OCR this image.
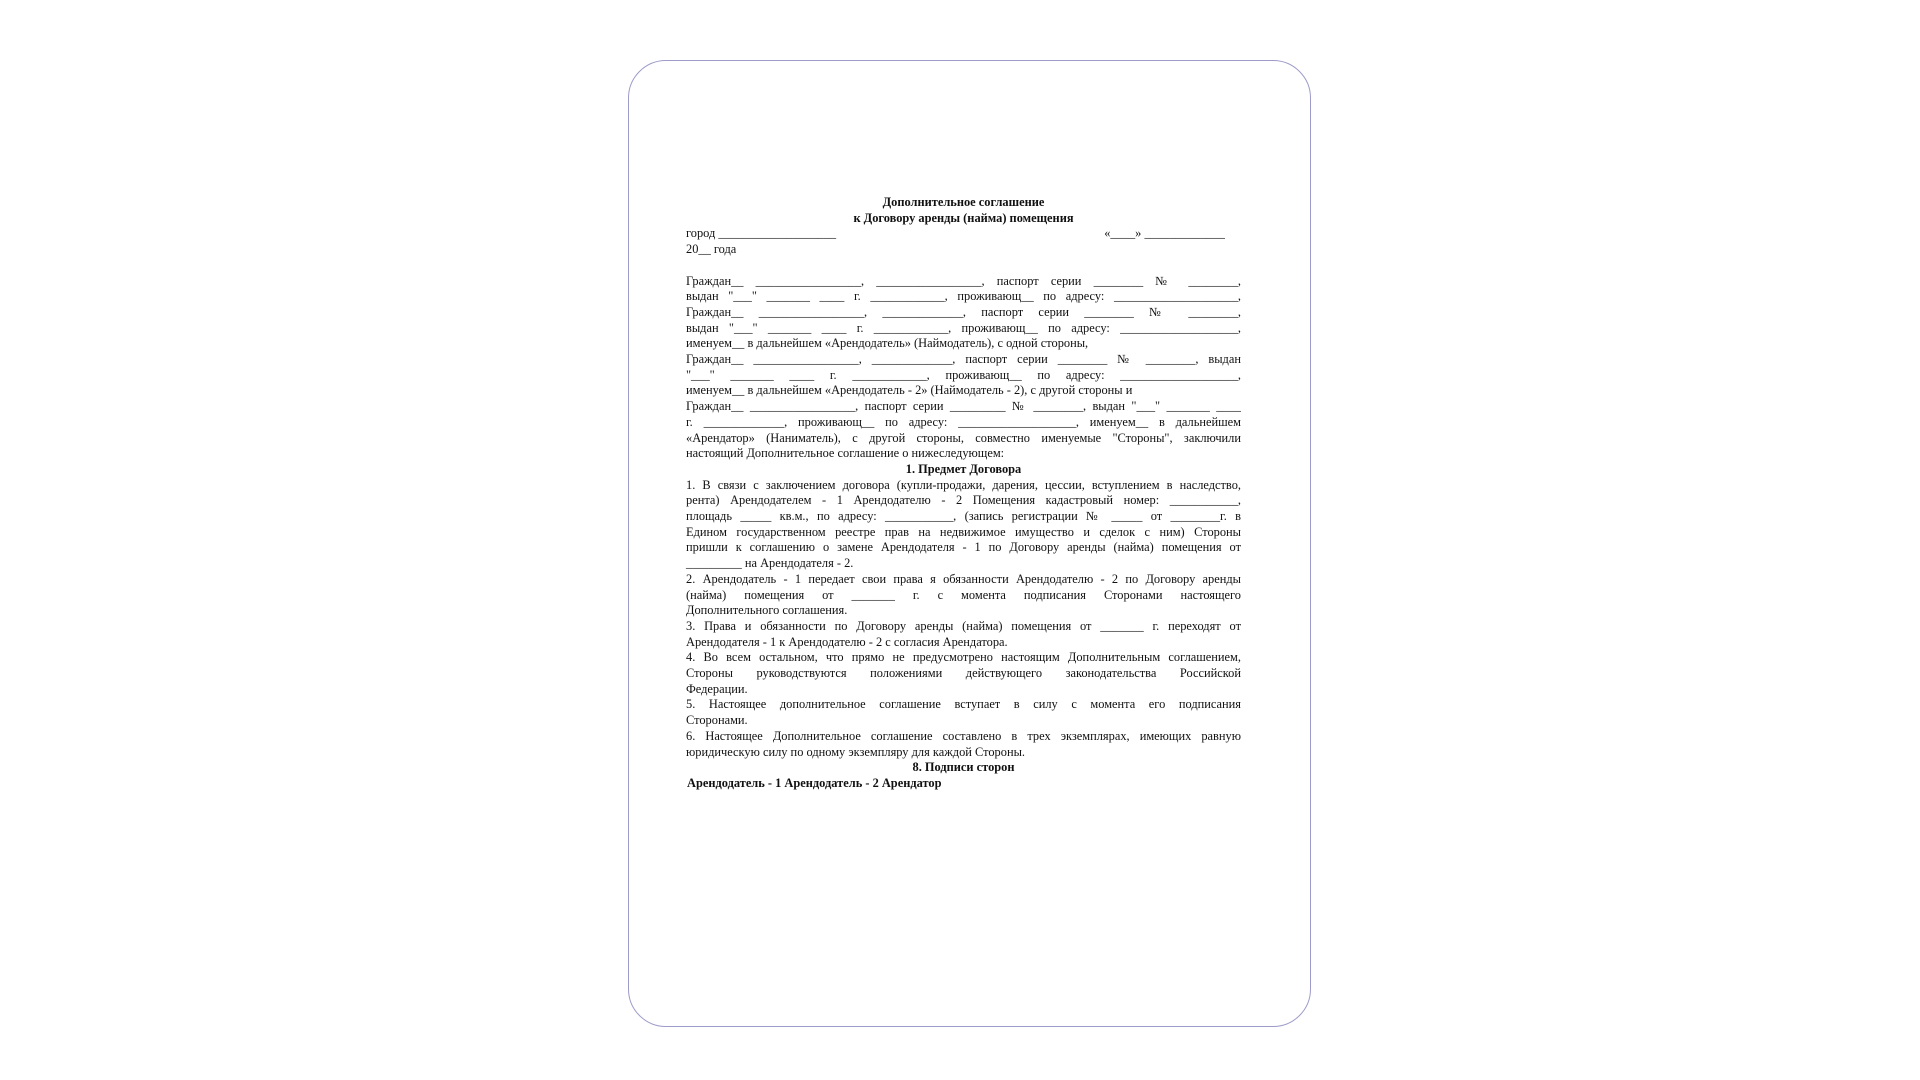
Дополнительное соглашение
к Договору аренды (найма) помещения
город ___________________	«____» _____________
20__ года
Граждан__ _________________, _________________, паспорт серии ________ № ________,
выдан "___" _______ ____ г. ____________, проживающ__ по адресу: ____________________,
Граждан__ _________________, _____________, паспорт серии ________ № ________,
выдан "___" _______ ____ г. ____________, проживающ__ по адресу: ___________________,
именуем__ в дальнейшем «Арендодатель» (Наймодатель), с одной стороны,
Граждан__ _________________, _____________, паспорт серии ________ № ________, выдан
"___" _______ ____ г. ____________, проживающ__ по адресу: ___________________,
именуем__ в дальнейшем «Арендодатель - 2» (Наймодатель - 2), с другой стороны и
Граждан__ _________________, паспорт серии _________ № ________, выдан "___" _______ ____
г. _____________, проживающ__ по адресу: ___________________, именуем__ в дальнейшем
«Арендатор» (Наниматель), с другой стороны, совместно именуемые "Стороны", заключили
настоящий Дополнительное соглашение о нижеследующем:
1. Предмет Договора
1. В связи с заключением договора (купли-продажи, дарения, цессии, вступлением в наследство,
рента) Арендодателем - 1 Арендодателю - 2 Помещения кадастровый номер: ___________,
площадь _____ кв.м., по адресу: ___________, (запись регистрации № _____ от ________г. в
Едином государственном реестре прав на недвижимое имущество и сделок с ним) Стороны
пришли к соглашению о замене Арендодателя - 1 по Договору аренды (найма) помещения от
_________ на Арендодателя - 2.
2. Арендодатель - 1 передает свои права я обязанности Арендодателю - 2 по Договору аренды
(найма) помещения от _______ г. с момента подписания Сторонами настоящего
Дополнительного соглашения.
3. Права и обязанности по Договору аренды (найма) помещения от _______ г. переходят от
Арендодателя - 1 к Арендодателю - 2 с согласия Арендатора.
4. Во всем остальном, что прямо не предусмотрено настоящим Дополнительным соглашением,
Стороны руководствуются положениями действующего законодательства Российской
Федерации.
5. Настоящее дополнительное соглашение вступает в силу с момента его подписания
Сторонами.
6. Настоящее Дополнительное соглашение составлено в трех экземплярах, имеющих равную
юридическую силу по одному экземпляру для каждой Стороны.
8. Подписи сторон
Арендодатель - 1 Арендодатель - 2 Арендатор
